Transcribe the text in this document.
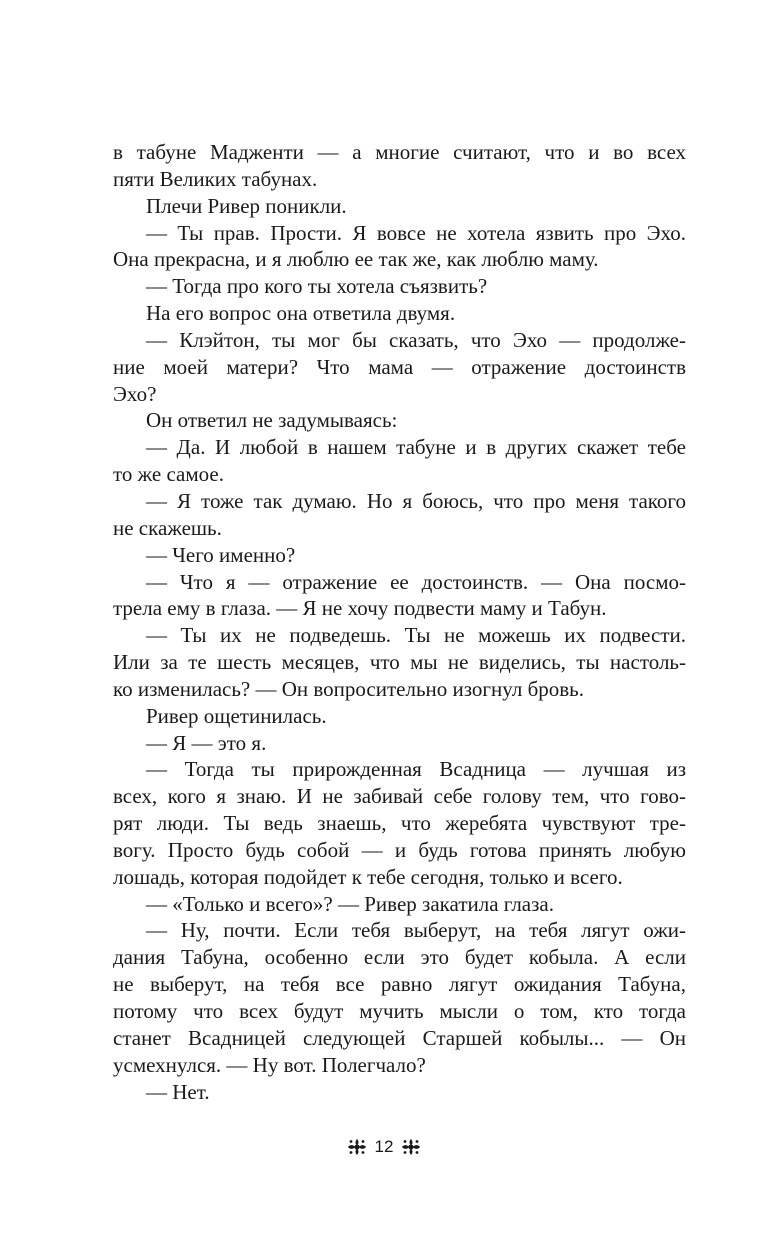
в табуне Мадженти — а многие считают, что и во всех
пяти Великих табунах.
Плечи Ривер поникли.
— Ты прав. Прости. Я вовсе не хотела язвить про Эхо.
Она прекрасна, и я люблю ее так же, как люблю маму.
— Тогда про кого ты хотела съязвить?
На его вопрос она ответила двумя.
— Клэйтон, ты мог бы сказать, что Эхо — продолже-
ние моей матери? Что мама — отражение достоинств
Эхо?
Он ответил не задумываясь:
— Да. И любой в нашем табуне и в других скажет тебе
то же самое.
— Я тоже так думаю. Но я боюсь, что про меня такого
не скажешь.
— Чего именно?
— Что я — отражение ее достоинств. — Она посмо-
трела ему в глаза. — Я не хочу подвести маму и Табун.
— Ты их не подведешь. Ты не можешь их подвести.
Или за те шесть месяцев, что мы не виделись, ты настоль-
ко изменилась? — Он вопросительно изогнул бровь.
Ривер ощетинилась.
— Я — это я.
— Тогда ты прирожденная Всадница — лучшая из
всех, кого я знаю. И не забивай себе голову тем, что гово-
рят люди. Ты ведь знаешь, что жеребята чувствуют тре-
вогу. Просто будь собой — и будь готова принять любую
лошадь, которая подойдет к тебе сегодня, только и всего.
— «Только и всего»? — Ривер закатила глаза.
— Ну, почти. Если тебя выберут, на тебя лягут ожи-
дания Табуна, особенно если это будет кобыла. А если
не выберут, на тебя все равно лягут ожидания Табуна,
потому что всех будут мучить мысли о том, кто тогда
станет Всадницей следующей Старшей кобылы... — Он
усмехнулся. — Ну вот. Полегчало?
— Нет.
12
